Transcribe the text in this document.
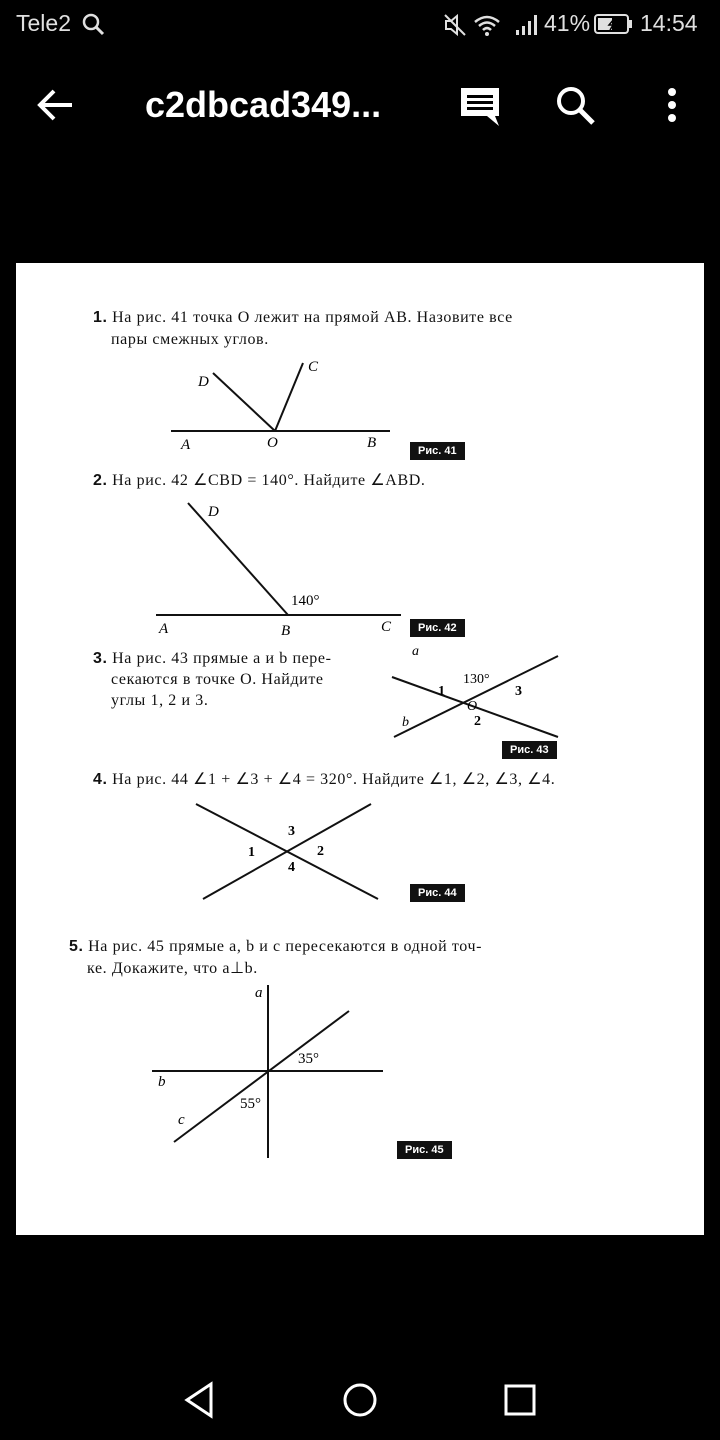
Tele2	41% 14:54
c2dbcad349...
1. На рис. 41 точка O лежит на прямой AB. Назовите все
пары смежных углов.
A	O	B
C
D
Рис. 41
2. На рис. 42 ∠CBD = 140°. Найдите ∠ABD.
D
140°
A	B	C	Рис. 42
3. На рис. 43 прямые a и b пере-
секаются в точке O. Найдите
углы 1, 2 и 3.
a
b
130°
1	3
O
2
Рис. 43
4. На рис. 44 ∠1 + ∠3 + ∠4 = 320°. Найдите ∠1, ∠2, ∠3, ∠4.
3
1	2
4
Рис. 44
5. На рис. 45 прямые a, b и c пересекаются в одной точ-
ке. Докажите, что a⊥b.
a
b
c
35°
55°
Рис. 45
